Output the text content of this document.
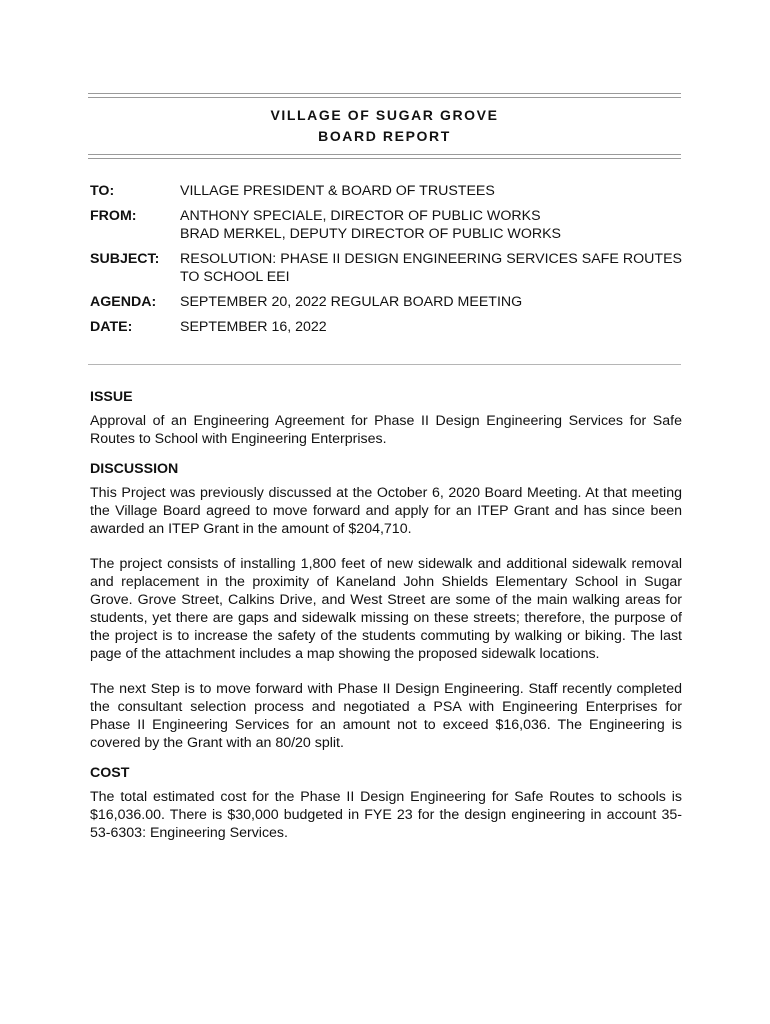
VILLAGE OF SUGAR GROVE
BOARD REPORT
TO:	VILLAGE PRESIDENT & BOARD OF TRUSTEES
FROM:	ANTHONY SPECIALE, DIRECTOR OF PUBLIC WORKS
BRAD MERKEL, DEPUTY DIRECTOR OF PUBLIC WORKS
SUBJECT:	RESOLUTION: PHASE II DESIGN ENGINEERING SERVICES SAFE ROUTES TO SCHOOL EEI
AGENDA:	SEPTEMBER 20, 2022 REGULAR BOARD MEETING
DATE:	SEPTEMBER 16, 2022
ISSUE

Approval of an Engineering Agreement for Phase II Design Engineering Services for Safe Routes to School with Engineering Enterprises.

DISCUSSION

This Project was previously discussed at the October 6, 2020 Board Meeting. At that meeting the Village Board agreed to move forward and apply for an ITEP Grant and has since been awarded an ITEP Grant in the amount of $204,710.

The project consists of installing 1,800 feet of new sidewalk and additional sidewalk removal and replacement in the proximity of Kaneland John Shields Elementary School in Sugar Grove. Grove Street, Calkins Drive, and West Street are some of the main walking areas for students, yet there are gaps and sidewalk missing on these streets; therefore, the purpose of the project is to increase the safety of the students commuting by walking or biking. The last page of the attachment includes a map showing the proposed sidewalk locations.

The next Step is to move forward with Phase II Design Engineering. Staff recently completed the consultant selection process and negotiated a PSA with Engineering Enterprises for Phase II Engineering Services for an amount not to exceed $16,036. The Engineering is covered by the Grant with an 80/20 split.

COST

The total estimated cost for the Phase II Design Engineering for Safe Routes to schools is $16,036.00. There is $30,000 budgeted in FYE 23 for the design engineering in account 35-53-6303: Engineering Services.
